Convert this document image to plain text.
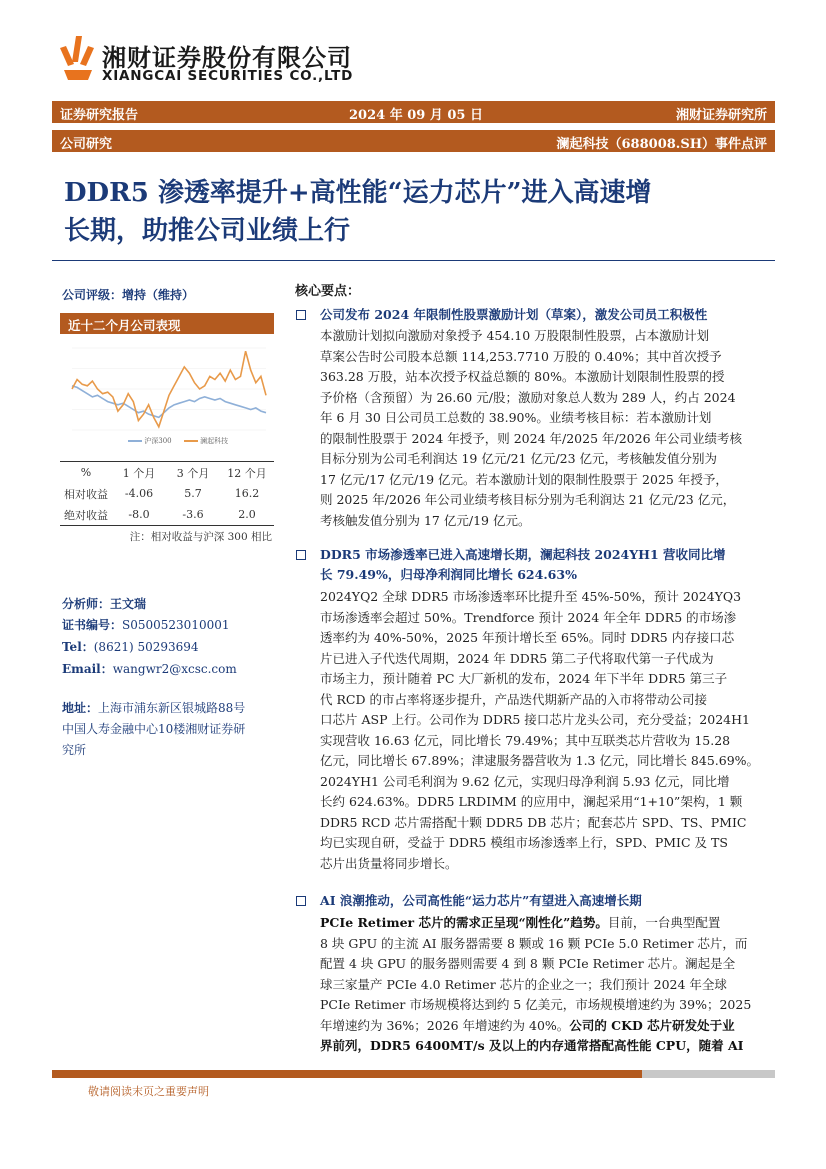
湘财证券股份有限公司
XIANGCAI SECURITIES CO.,LTD
证券研究报告	2024 年 09 月 05 日	湘财证券研究所
公司研究	澜起科技（688008.SH）事件点评
DDR5 渗透率提升+高性能“运力芯片”进入高速增
长期，助推公司业绩上行
公司评级：增持（维持）
近十二个月公司表现
沪深300	澜起科技
%	1 个月	3 个月	12 个月
相对收益	-4.06	5.7	16.2
绝对收益	-8.0	-3.6	2.0
注：相对收益与沪深 300 相比
分析师：王文瑞
证书编号：S0500523010001
Tel：(8621) 50293694
Email：wangwr2@xcsc.com
地址：上海市浦东新区银城路88号
中国人寿金融中心10楼湘财证券研
究所
核心要点：
公司发布 2024 年限制性股票激励计划（草案），激发公司员工积极性
本激励计划拟向激励对象授予 454.10 万股限制性股票，占本激励计划
草案公告时公司股本总额 114,253.7710 万股的 0.40%；其中首次授予
363.28 万股，站本次授予权益总额的 80%。本激励计划限制性股票的授
予价格（含预留）为 26.60 元/股；激励对象总人数为 289 人，约占 2024
年 6 月 30 日公司员工总数的 38.90%。业绩考核目标：若本激励计划
的限制性股票于 2024 年授予，则 2024 年/2025 年/2026 年公司业绩考核
目标分别为公司毛利润达 19 亿元/21 亿元/23 亿元，考核触发值分别为
17 亿元/17 亿元/19 亿元。若本激励计划的限制性股票于 2025 年授予，
则 2025 年/2026 年公司业绩考核目标分别为毛利润达 21 亿元/23 亿元，
考核触发值分别为 17 亿元/19 亿元。
DDR5 市场渗透率已进入高速增长期，澜起科技 2024YH1 营收同比增
长 79.49%，归母净利润同比增长 624.63%
2024YQ2 全球 DDR5 市场渗透率环比提升至 45%-50%，预计 2024YQ3
市场渗透率会超过 50%。Trendforce 预计 2024 年全年 DDR5 的市场渗
透率约为 40%-50%，2025 年预计增长至 65%。同时 DDR5 内存接口芯
片已进入子代迭代周期，2024 年 DDR5 第二子代将取代第一子代成为
市场主力，预计随着 PC 大厂新机的发布，2024 年下半年 DDR5 第三子
代 RCD 的市占率将逐步提升，产品迭代期新产品的入市将带动公司接
口芯片 ASP 上行。公司作为 DDR5 接口芯片龙头公司，充分受益；2024H1
实现营收 16.63 亿元，同比增长 79.49%；其中互联类芯片营收为 15.28
亿元，同比增长 67.89%；津逮服务器营收为 1.3 亿元，同比增长 845.69%。
2024YH1 公司毛利润为 9.62 亿元，实现归母净利润 5.93 亿元，同比增
长约 624.63%。DDR5 LRDIMM 的应用中，澜起采用“1+10”架构，1 颗
DDR5 RCD 芯片需搭配十颗 DDR5 DB 芯片；配套芯片 SPD、TS、PMIC
均已实现自研，受益于 DDR5 模组市场渗透率上行，SPD、PMIC 及 TS
芯片出货量将同步增长。
AI 浪潮推动，公司高性能“运力芯片”有望进入高速增长期
PCIe Retimer 芯片的需求正呈现“刚性化”趋势。目前，一台典型配置
8 块 GPU 的主流 AI 服务器需要 8 颗或 16 颗 PCIe 5.0 Retimer 芯片，而
配置 4 块 GPU 的服务器则需要 4 到 8 颗 PCIe Retimer 芯片。澜起是全
球三家量产 PCIe 4.0 Retimer 芯片的企业之一；我们预计 2024 年全球
PCIe Retimer 市场规模将达到约 5 亿美元，市场规模增速约为 39%；2025
年增速约为 36%；2026 年增速约为 40%。公司的 CKD 芯片研发处于业
界前列，DDR5 6400MT/s 及以上的内存通常搭配高性能 CPU，随着 AI
敬请阅读末页之重要声明
